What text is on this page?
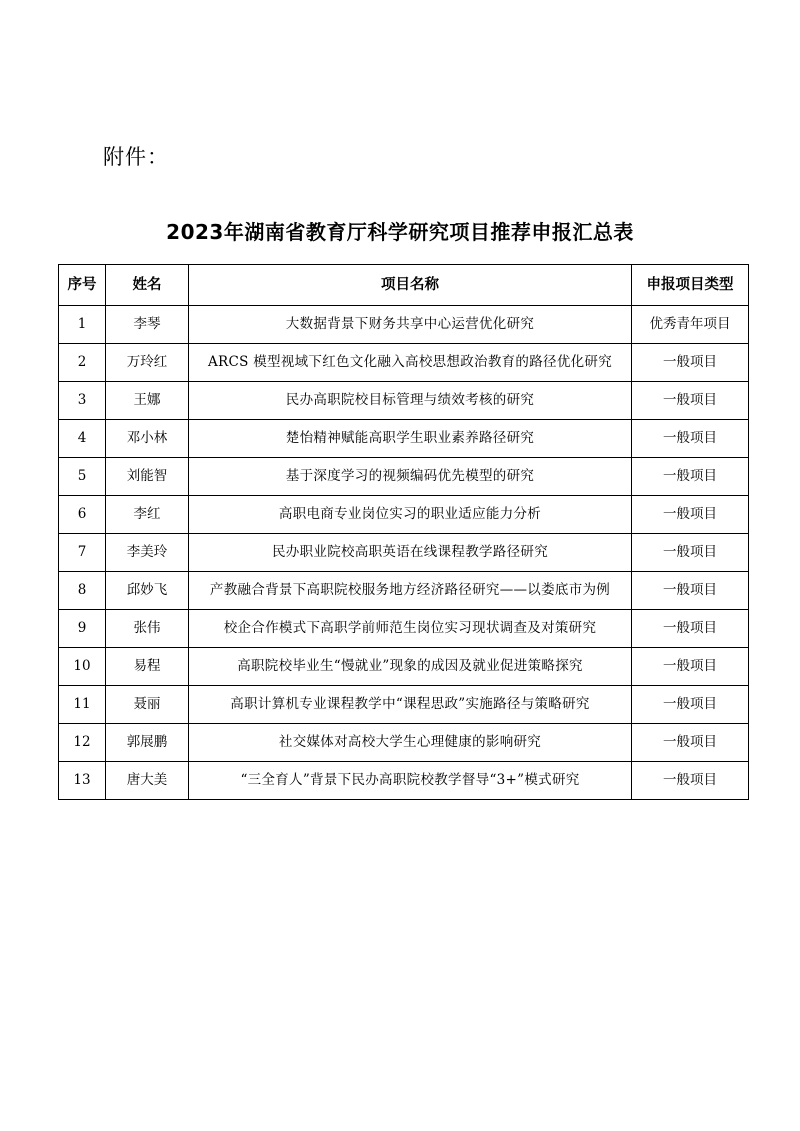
附件：
2023年湖南省教育厅科学研究项目推荐申报汇总表
序号	姓名	项目名称	申报项目类型
1	李琴	大数据背景下财务共享中心运营优化研究	优秀青年项目
2	万玲红	ARCS 模型视域下红色文化融入高校思想政治教育的路径优化研究	一般项目
3	王娜	民办高职院校目标管理与绩效考核的研究	一般项目
4	邓小林	楚怡精神赋能高职学生职业素养路径研究	一般项目
5	刘能智	基于深度学习的视频编码优先模型的研究	一般项目
6	李红	高职电商专业岗位实习的职业适应能力分析	一般项目
7	李美玲	民办职业院校高职英语在线课程教学路径研究	一般项目
8	邱妙飞	产教融合背景下高职院校服务地方经济路径研究——以娄底市为例	一般项目
9	张伟	校企合作模式下高职学前师范生岗位实习现状调查及对策研究	一般项目
10	易程	高职院校毕业生“慢就业”现象的成因及就业促进策略探究	一般项目
11	聂丽	高职计算机专业课程教学中“课程思政”实施路径与策略研究	一般项目
12	郭展鹏	社交媒体对高校大学生心理健康的影响研究	一般项目
13	唐大美	“三全育人”背景下民办高职院校教学督导“3+”模式研究	一般项目
